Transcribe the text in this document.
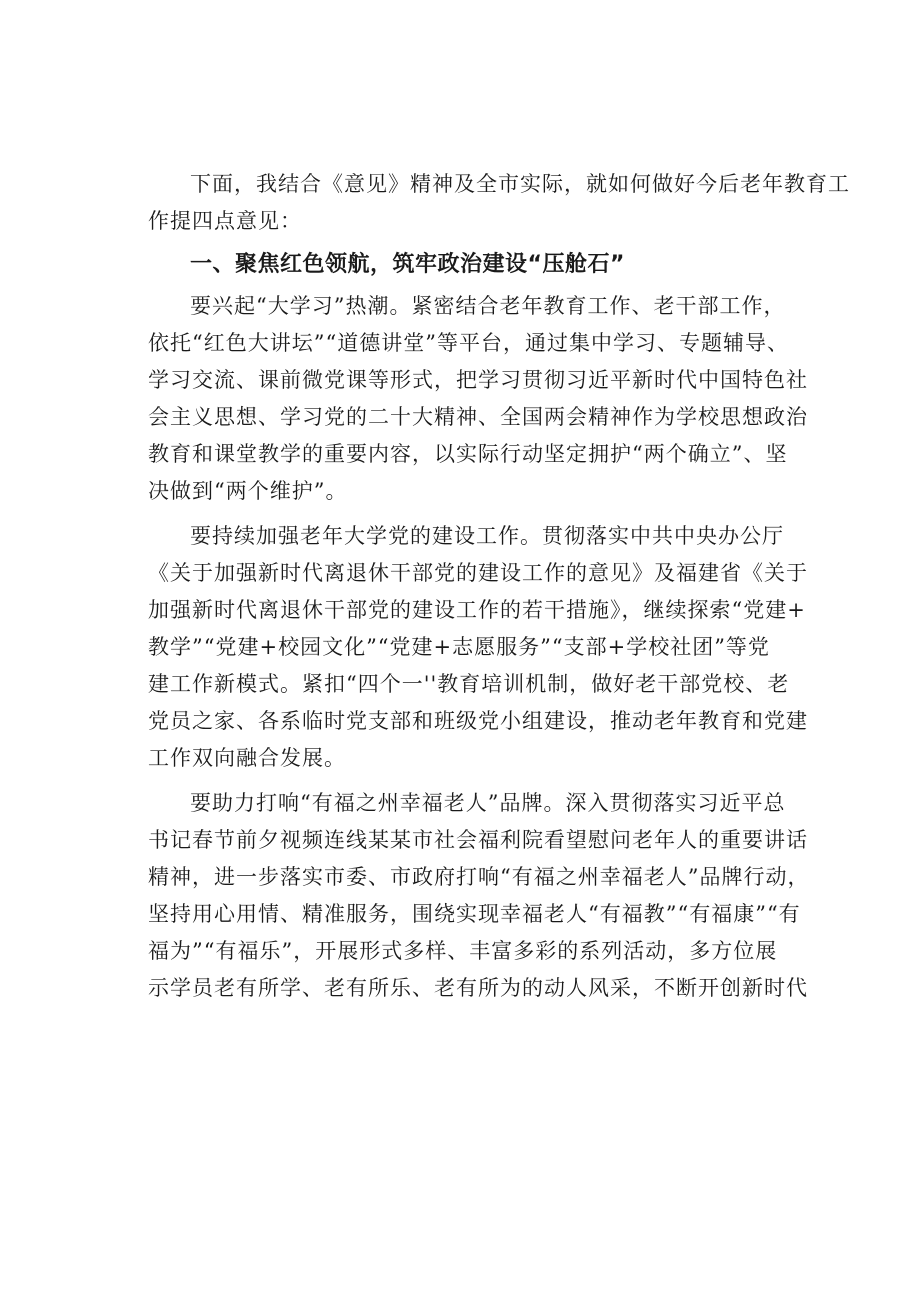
下面，我结合《意见》精神及全市实际，就如何做好今后老年教育工
作提四点意见：
一、聚焦红色领航，筑牢政治建设“压舱石”
要兴起“大学习”热潮。紧密结合老年教育工作、老干部工作，
依托“红色大讲坛”“道德讲堂”等平台，通过集中学习、专题辅导、
学习交流、课前微党课等形式，把学习贯彻习近平新时代中国特色社
会主义思想、学习党的二十大精神、全国两会精神作为学校思想政治
教育和课堂教学的重要内容，以实际行动坚定拥护“两个确立”、坚
决做到“两个维护”。
要持续加强老年大学党的建设工作。贯彻落实中共中央办公厅
《关于加强新时代离退休干部党的建设工作的意见》及福建省《关于
加强新时代离退休干部党的建设工作的若干措施》，继续探索“党建+
教学”“党建+校园文化”“党建+志愿服务”“支部+学校社团”等党
建工作新模式。紧扣“四个一''教育培训机制，做好老干部党校、老
党员之家、各系临时党支部和班级党小组建设，推动老年教育和党建
工作双向融合发展。
要助力打响“有福之州幸福老人”品牌。深入贯彻落实习近平总
书记春节前夕视频连线某某市社会福利院看望慰问老年人的重要讲话
精神，进一步落实市委、市政府打响“有福之州幸福老人”品牌行动，
坚持用心用情、精准服务，围绕实现幸福老人“有福教”“有福康”“有
福为”“有福乐”，开展形式多样、丰富多彩的系列活动，多方位展
示学员老有所学、老有所乐、老有所为的动人风采，不断开创新时代
